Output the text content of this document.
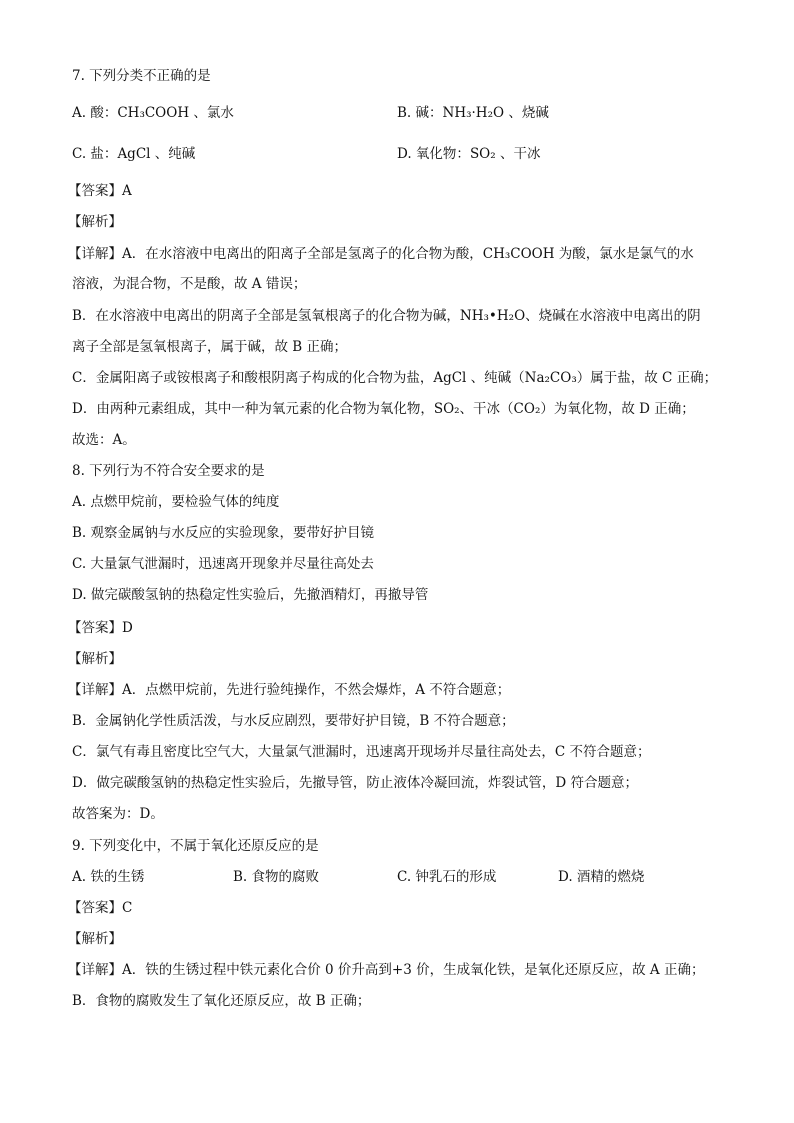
7. 下列分类不正确的是
A. 酸：CH₃COOH 、氯水	B. 碱：NH₃·H₂O 、烧碱
C. 盐：AgCl 、纯碱	D. 氧化物：SO₂ 、干冰
【答案】A
【解析】
【详解】A．在水溶液中电离出的阳离子全部是氢离子的化合物为酸，CH₃COOH 为酸，氯水是氯气的水
溶液，为混合物，不是酸，故 A 错误；
B．在水溶液中电离出的阴离子全部是氢氧根离子的化合物为碱，NH₃•H₂O、烧碱在水溶液中电离出的阴
离子全部是氢氧根离子，属于碱，故 B 正确；
C．金属阳离子或铵根离子和酸根阴离子构成的化合物为盐，AgCl 、纯碱（Na₂CO₃）属于盐，故 C 正确；
D．由两种元素组成，其中一种为氧元素的化合物为氧化物，SO₂、干冰（CO₂）为氧化物，故 D 正确；
故选：A。
8. 下列行为不符合安全要求的是
A. 点燃甲烷前，要检验气体的纯度
B. 观察金属钠与水反应的实验现象，要带好护目镜
C. 大量氯气泄漏时，迅速离开现象并尽量往高处去
D. 做完碳酸氢钠的热稳定性实验后，先撤酒精灯，再撤导管
【答案】D
【解析】
【详解】A．点燃甲烷前，先进行验纯操作，不然会爆炸，A 不符合题意；
B．金属钠化学性质活泼，与水反应剧烈，要带好护目镜，B 不符合题意；
C．氯气有毒且密度比空气大，大量氯气泄漏时，迅速离开现场并尽量往高处去，C 不符合题意；
D．做完碳酸氢钠的热稳定性实验后，先撤导管，防止液体冷凝回流，炸裂试管，D 符合题意；
故答案为：D。
9. 下列变化中，不属于氧化还原反应的是
A. 铁的生锈	B. 食物的腐败	C. 钟乳石的形成	D. 酒精的燃烧
【答案】C
【解析】
【详解】A．铁的生锈过程中铁元素化合价 0 价升高到+3 价，生成氧化铁，是氧化还原反应，故 A 正确；
B．食物的腐败发生了氧化还原反应，故 B 正确；
